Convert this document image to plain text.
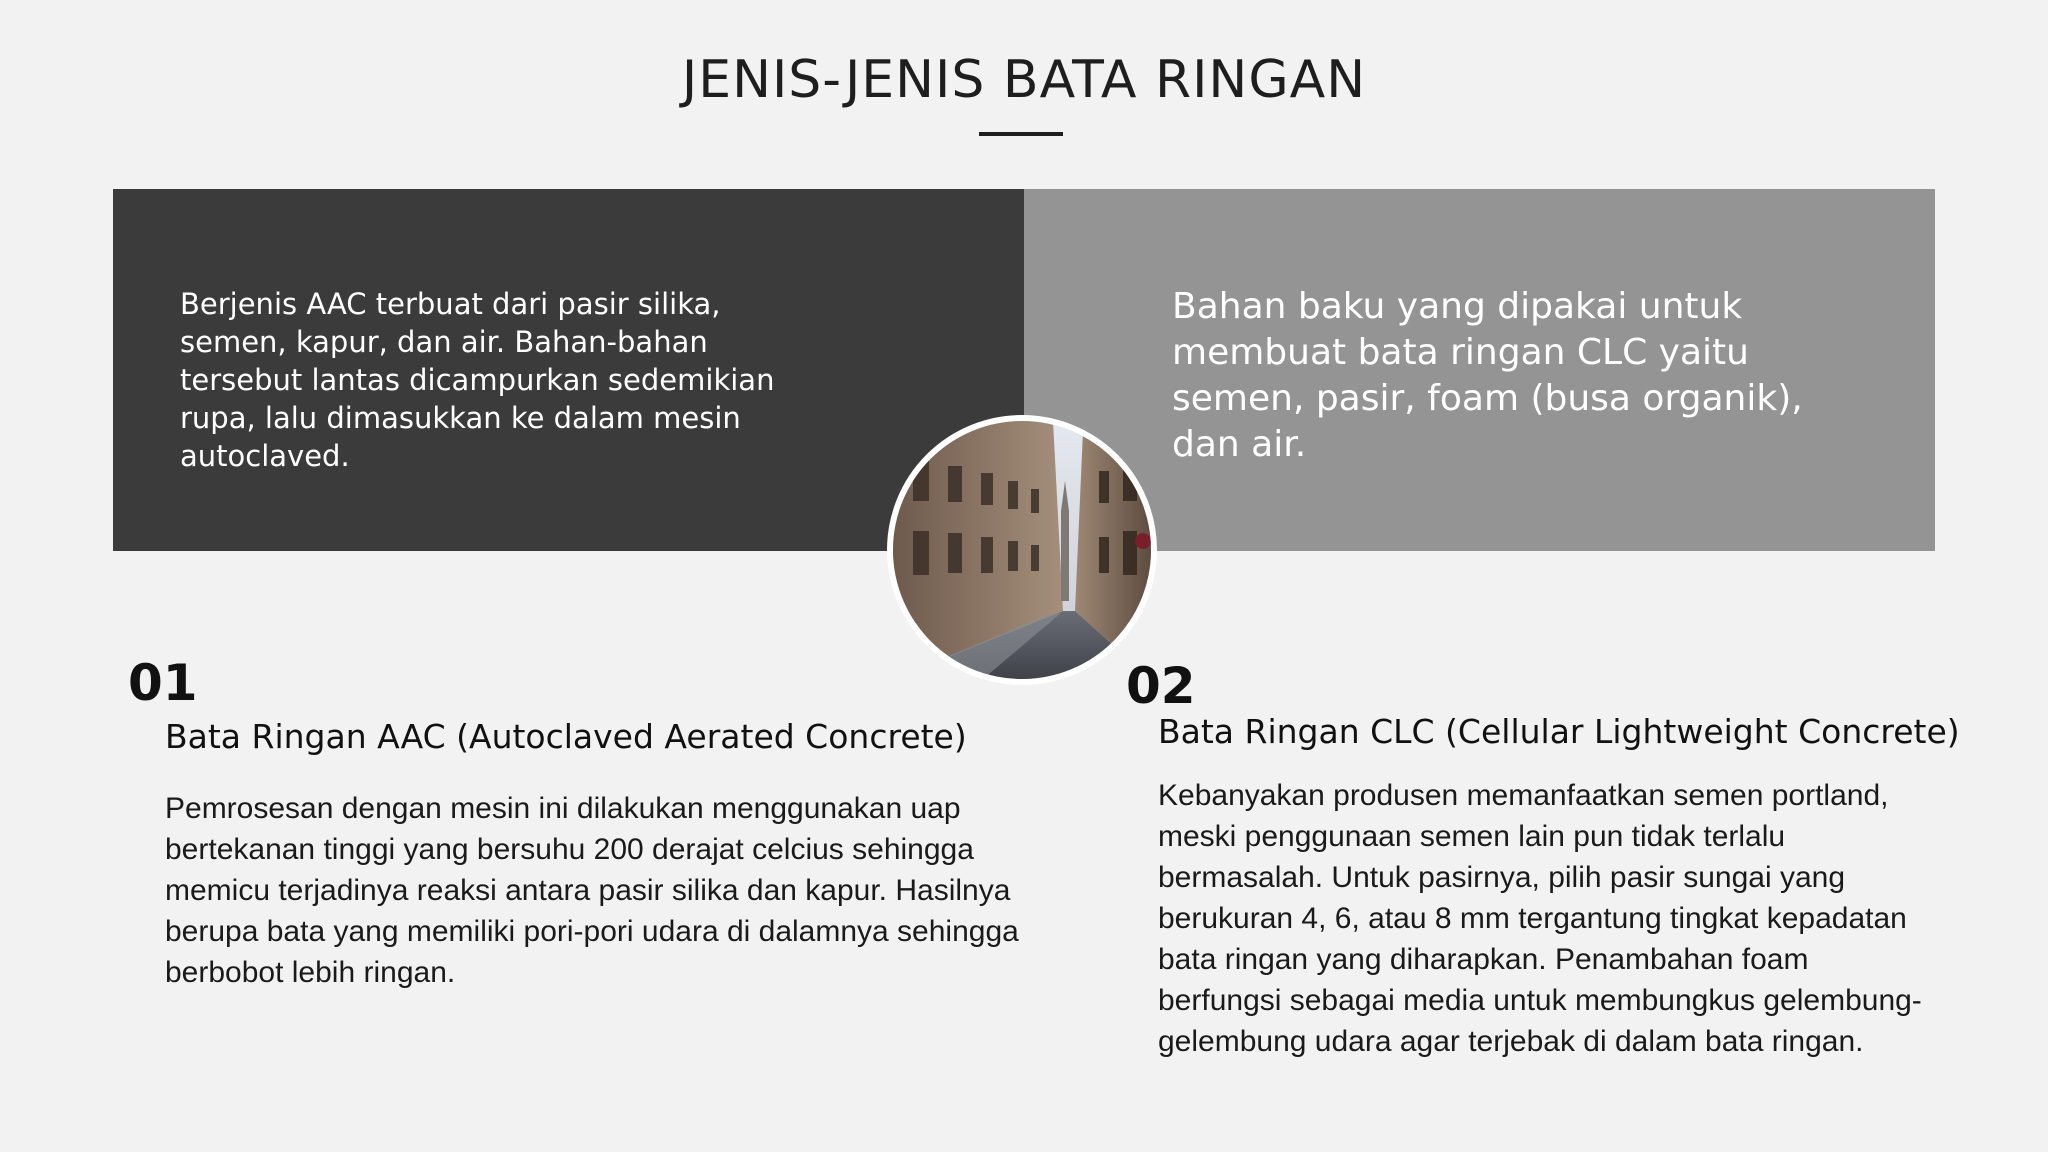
JENIS-JENIS BATA RINGAN
Berjenis AAC terbuat dari pasir silika, semen, kapur, dan air. Bahan-bahan tersebut lantas dicampurkan sedemikian rupa, lalu dimasukkan ke dalam mesin autoclaved.
Bahan baku yang dipakai untuk membuat bata ringan CLC yaitu semen, pasir, foam (busa organik), dan air.
01
Bata Ringan AAC (Autoclaved Aerated Concrete)
Pemrosesan dengan mesin ini dilakukan menggunakan uap bertekanan tinggi yang bersuhu 200 derajat celcius sehingga memicu terjadinya reaksi antara pasir silika dan kapur. Hasilnya berupa bata yang memiliki pori-pori udara di dalamnya sehingga berbobot lebih ringan.
02
Bata Ringan CLC (Cellular Lightweight Concrete)
Kebanyakan produsen memanfaatkan semen portland, meski penggunaan semen lain pun tidak terlalu bermasalah. Untuk pasirnya, pilih pasir sungai yang berukuran 4, 6, atau 8 mm tergantung tingkat kepadatan bata ringan yang diharapkan. Penambahan foam berfungsi sebagai media untuk membungkus gelembung-gelembung udara agar terjebak di dalam bata ringan.
